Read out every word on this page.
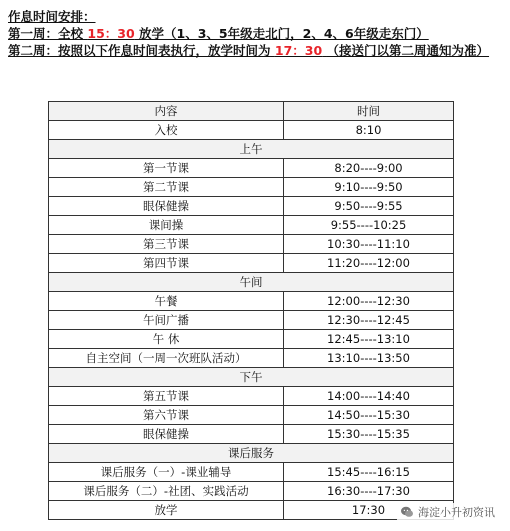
作息时间安排：
第一周：全校 15：30 放学（1、3、5年级走北门，2、4、6年级走东门）
第二周：按照以下作息时间表执行，放学时间为 17：30 （接送门以第二周通知为准）
内容	时间
入校	8:10
上午	
第一节课	8:20----9:00
第二节课	9:10----9:50
眼保健操	9:50----9:55
课间操	9:55----10:25
第三节课	10:30----11:10
第四节课	11:20----12:00
午间	
午餐	12:00----12:30
午间广播	12:30----12:45
午 休	12:45----13:10
自主空间（一周一次班队活动）	13:10----13:50
下午	
第五节课	14:00----14:40
第六节课	14:50----15:30
眼保健操	15:30----15:35
课后服务	
课后服务（一）-课业辅导	15:45----16:15
课后服务（二）-社团、实践活动	16:30----17:30
放学	17:30	海淀小升初资讯
